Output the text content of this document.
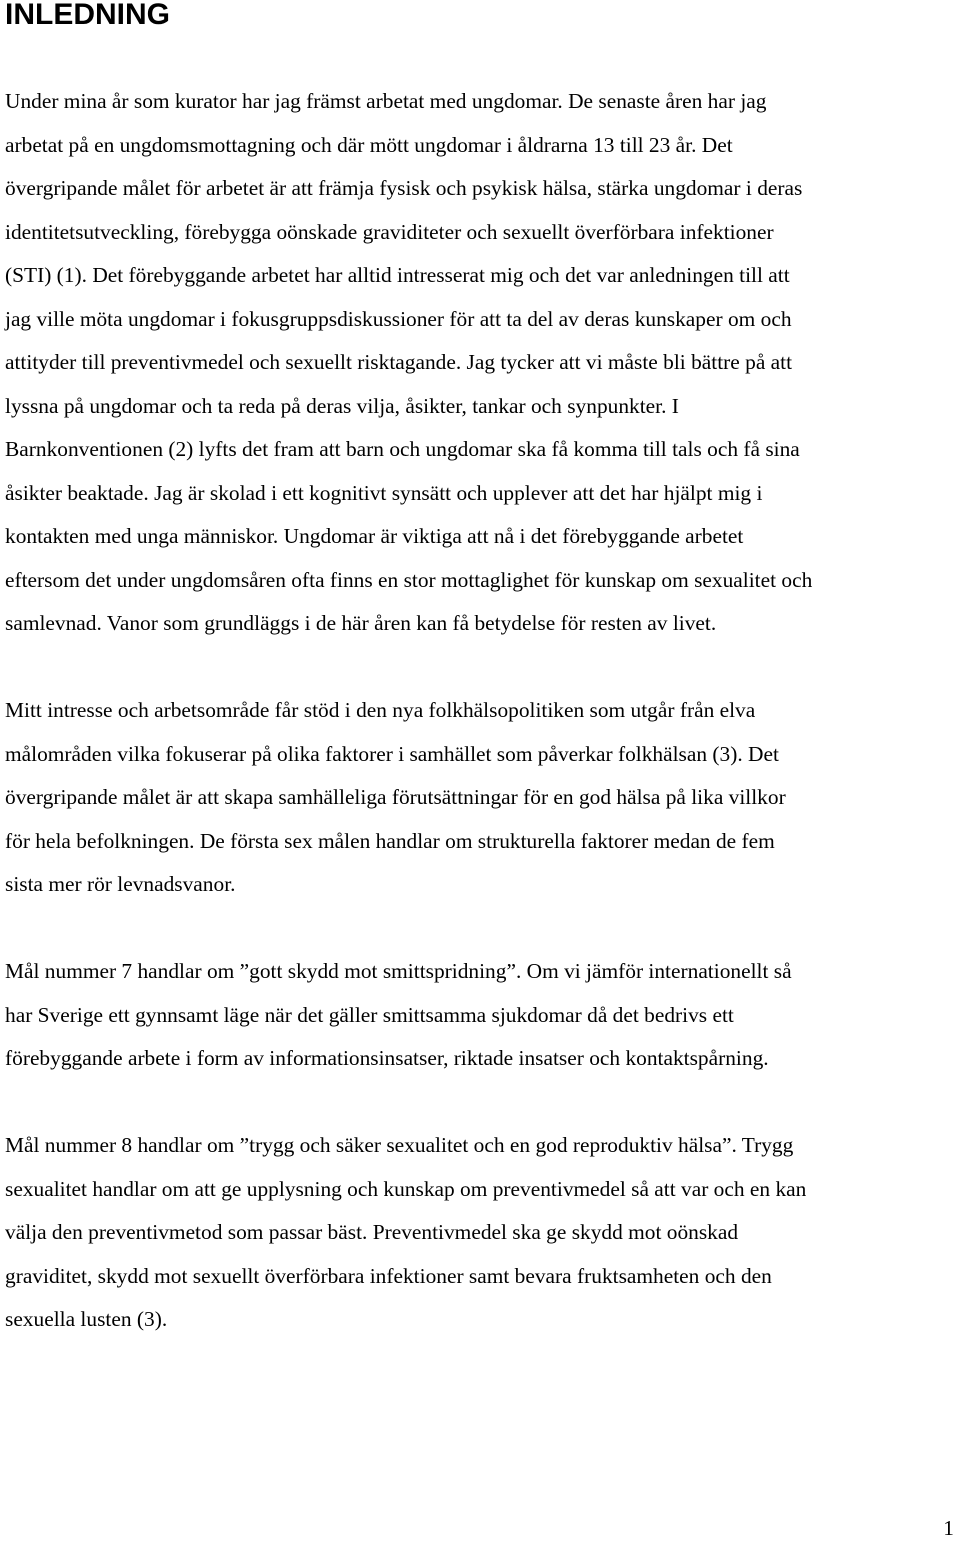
INLEDNING
Under mina år som kurator har jag främst arbetat med ungdomar. De senaste åren har jag
arbetat på en ungdomsmottagning och där mött ungdomar i åldrarna 13 till 23 år. Det
övergripande målet för arbetet är att främja fysisk och psykisk hälsa, stärka ungdomar i deras
identitetsutveckling, förebygga oönskade graviditeter och sexuellt överförbara infektioner
(STI) (1). Det förebyggande arbetet har alltid intresserat mig och det var anledningen till att
jag ville möta ungdomar i fokusgruppsdiskussioner för att ta del av deras kunskaper om och
attityder till preventivmedel och sexuellt risktagande. Jag tycker att vi måste bli bättre på att
lyssna på ungdomar och ta reda på deras vilja, åsikter, tankar och synpunkter. I
Barnkonventionen (2) lyfts det fram att barn och ungdomar ska få komma till tals och få sina
åsikter beaktade. Jag är skolad i ett kognitivt synsätt och upplever att det har hjälpt mig i
kontakten med unga människor. Ungdomar är viktiga att nå i det förebyggande arbetet
eftersom det under ungdomsåren ofta finns en stor mottaglighet för kunskap om sexualitet och
samlevnad. Vanor som grundläggs i de här åren kan få betydelse för resten av livet.
Mitt intresse och arbetsområde får stöd i den nya folkhälsopolitiken som utgår från elva
målområden vilka fokuserar på olika faktorer i samhället som påverkar folkhälsan (3). Det
övergripande målet är att skapa samhälleliga förutsättningar för en god hälsa på lika villkor
för hela befolkningen. De första sex målen handlar om strukturella faktorer medan de fem
sista mer rör levnadsvanor.
Mål nummer 7 handlar om ”gott skydd mot smittspridning”. Om vi jämför internationellt så
har Sverige ett gynnsamt läge när det gäller smittsamma sjukdomar då det bedrivs ett
förebyggande arbete i form av informationsinsatser, riktade insatser och kontaktspårning.
Mål nummer 8 handlar om ”trygg och säker sexualitet och en god reproduktiv hälsa”. Trygg
sexualitet handlar om att ge upplysning och kunskap om preventivmedel så att var och en kan
välja den preventivmetod som passar bäst. Preventivmedel ska ge skydd mot oönskad
graviditet, skydd mot sexuellt överförbara infektioner samt bevara fruktsamheten och den
sexuella lusten (3).
1
